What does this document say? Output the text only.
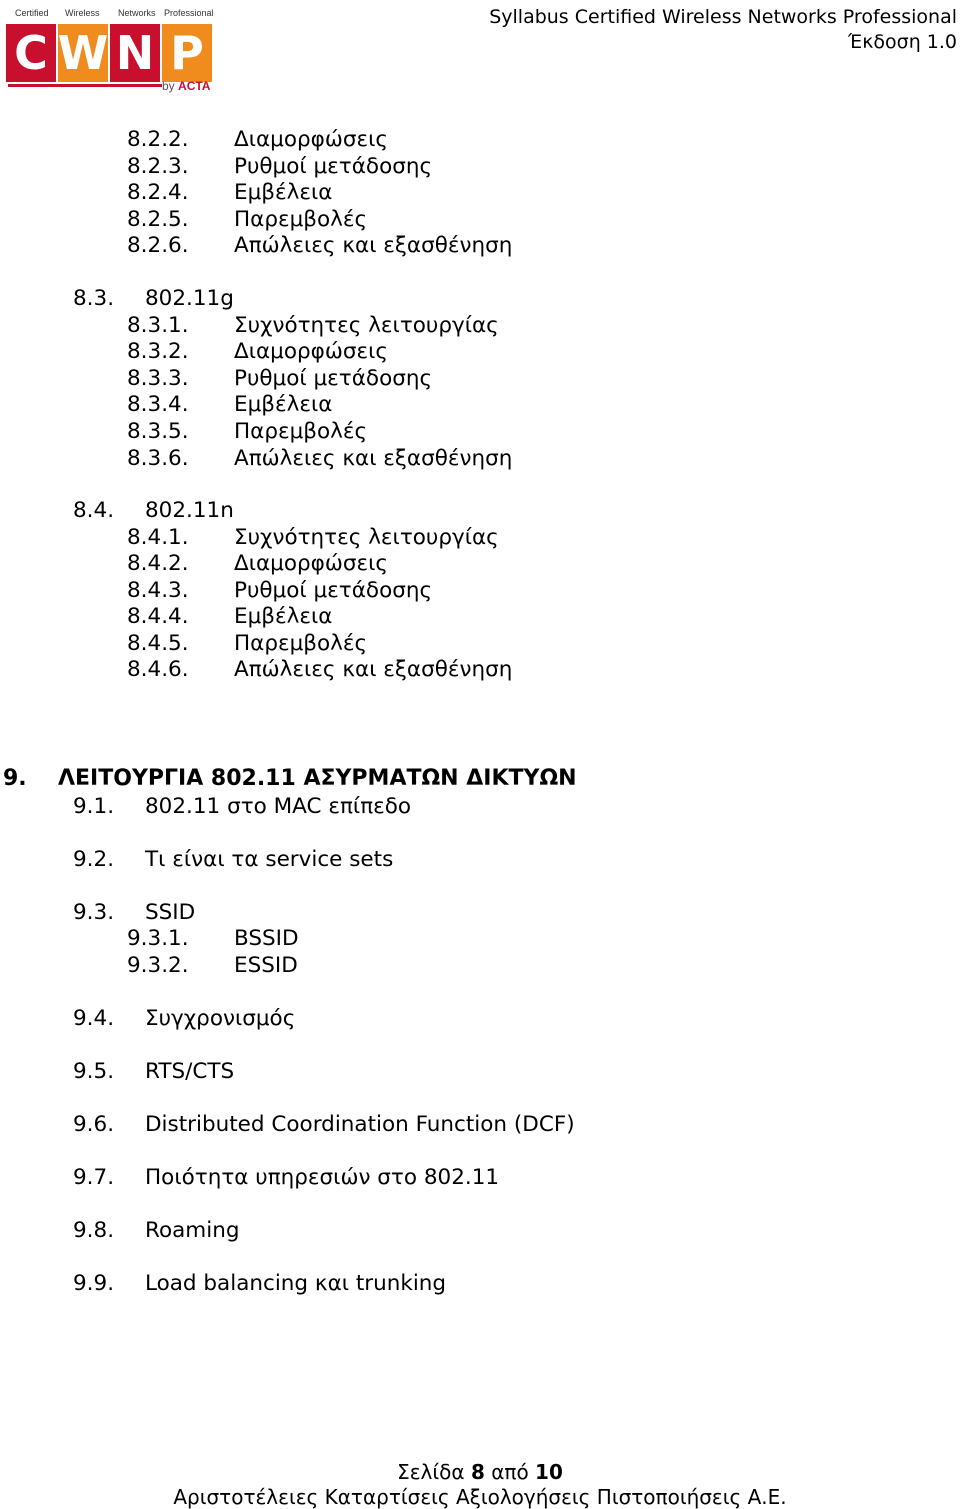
Certified Wireless Networks Professional
C W N P
by ACTA
Syllabus Certified Wireless Networks Professional
Έκδοση 1.0
8.2.2. Διαμορφώσεις
8.2.3. Ρυθμοί μετάδοσης
8.2.4. Εμβέλεια
8.2.5. Παρεμβολές
8.2.6. Απώλειες και εξασθένηση
8.3. 802.11g
8.3.1. Συχνότητες λειτουργίας
8.3.2. Διαμορφώσεις
8.3.3. Ρυθμοί μετάδοσης
8.3.4. Εμβέλεια
8.3.5. Παρεμβολές
8.3.6. Απώλειες και εξασθένηση
8.4. 802.11n
8.4.1. Συχνότητες λειτουργίας
8.4.2. Διαμορφώσεις
8.4.3. Ρυθμοί μετάδοσης
8.4.4. Εμβέλεια
8.4.5. Παρεμβολές
8.4.6. Απώλειες και εξασθένηση
9. ΛΕΙΤΟΥΡΓΙΑ 802.11 ΑΣΥΡΜΑΤΩΝ ΔΙΚΤΥΩΝ
9.1. 802.11 στο MAC επίπεδο
9.2. Τι είναι τα service sets
9.3. SSID
9.3.1. BSSID
9.3.2. ESSID
9.4. Συγχρονισμός
9.5. RTS/CTS
9.6. Distributed Coordination Function (DCF)
9.7. Ποιότητα υπηρεσιών στο 802.11
9.8. Roaming
9.9. Load balancing και trunking
Σελίδα 8 από 10
Αριστοτέλειες Καταρτίσεις Αξιολογήσεις Πιστοποιήσεις Α.Ε.
